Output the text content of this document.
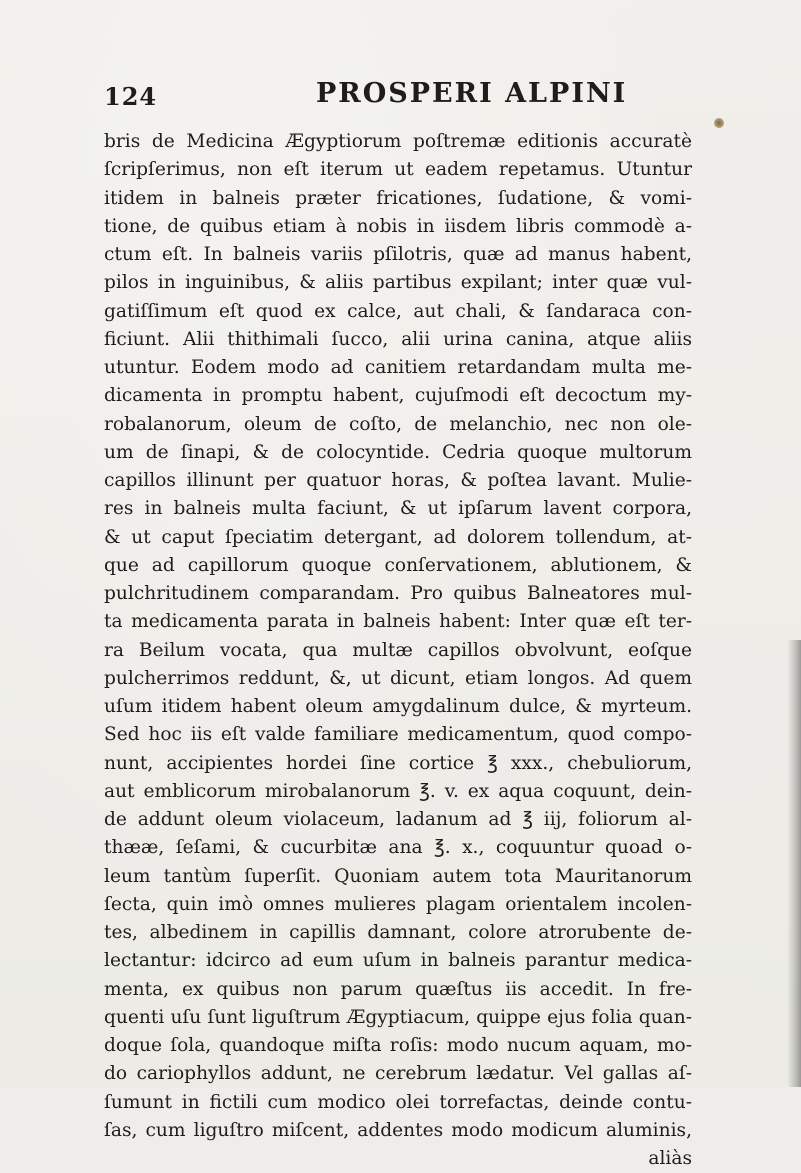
124	PROSPERI ALPINI
bris de Medicina Ægyptiorum poſtremæ editionis accuratè
ſcripſerimus, non eſt iterum ut eadem repetamus. Utuntur
itidem in balneis præter fricationes, ſudatione, & vomi-
tione, de quibus etiam à nobis in iisdem libris commodè a-
ctum eſt. In balneis variis pſilotris, quæ ad manus habent,
pilos in inguinibus, & aliis partibus expilant; inter quæ vul-
gatiſſimum eſt quod ex calce, aut chali, & ſandaraca con-
ficiunt. Alii thithimali ſucco, alii urina canina, atque aliis
utuntur. Eodem modo ad canitiem retardandam multa me-
dicamenta in promptu habent, cujuſmodi eſt decoctum my-
robalanorum, oleum de coſto, de melanchio, nec non ole-
um de ſinapi, & de colocyntide. Cedria quoque multorum
capillos illinunt per quatuor horas, & poſtea lavant. Mulie-
res in balneis multa faciunt, & ut ipſarum lavent corpora,
& ut caput ſpeciatim detergant, ad dolorem tollendum, at-
que ad capillorum quoque conſervationem, ablutionem, &
pulchritudinem comparandam. Pro quibus Balneatores mul-
ta medicamenta parata in balneis habent: Inter quæ eſt ter-
ra Beilum vocata, qua multæ capillos obvolvunt, eoſque
pulcherrimos reddunt, &, ut dicunt, etiam longos. Ad quem
uſum itidem habent oleum amygdalinum dulce, & myrteum.
Sed hoc iis eſt valde familiare medicamentum, quod compo-
nunt, accipientes hordei ſine cortice ℥ xxx., chebuliorum,
aut emblicorum mirobalanorum ℥. v. ex aqua coquunt, dein-
de addunt oleum violaceum, ladanum ad ℥ iij, foliorum al-
thææ, ſeſami, & cucurbitæ ana ℥. x., coquuntur quoad o-
leum tantùm ſuperſit. Quoniam autem tota Mauritanorum
ſecta, quin imò omnes mulieres plagam orientalem incolen-
tes, albedinem in capillis damnant, colore atrorubente de-
lectantur: idcirco ad eum uſum in balneis parantur medica-
menta, ex quibus non parum quæſtus iis accedit. In fre-
quenti uſu ſunt liguſtrum Ægyptiacum, quippe ejus folia quan-
doque ſola, quandoque miſta roſis: modo nucum aquam, mo-
do cariophyllos addunt, ne cerebrum lædatur. Vel gallas aſ-
ſumunt in fictili cum modico olei torrefactas, deinde contu-
ſas, cum liguſtro miſcent, addentes modo modicum aluminis,
aliàs
